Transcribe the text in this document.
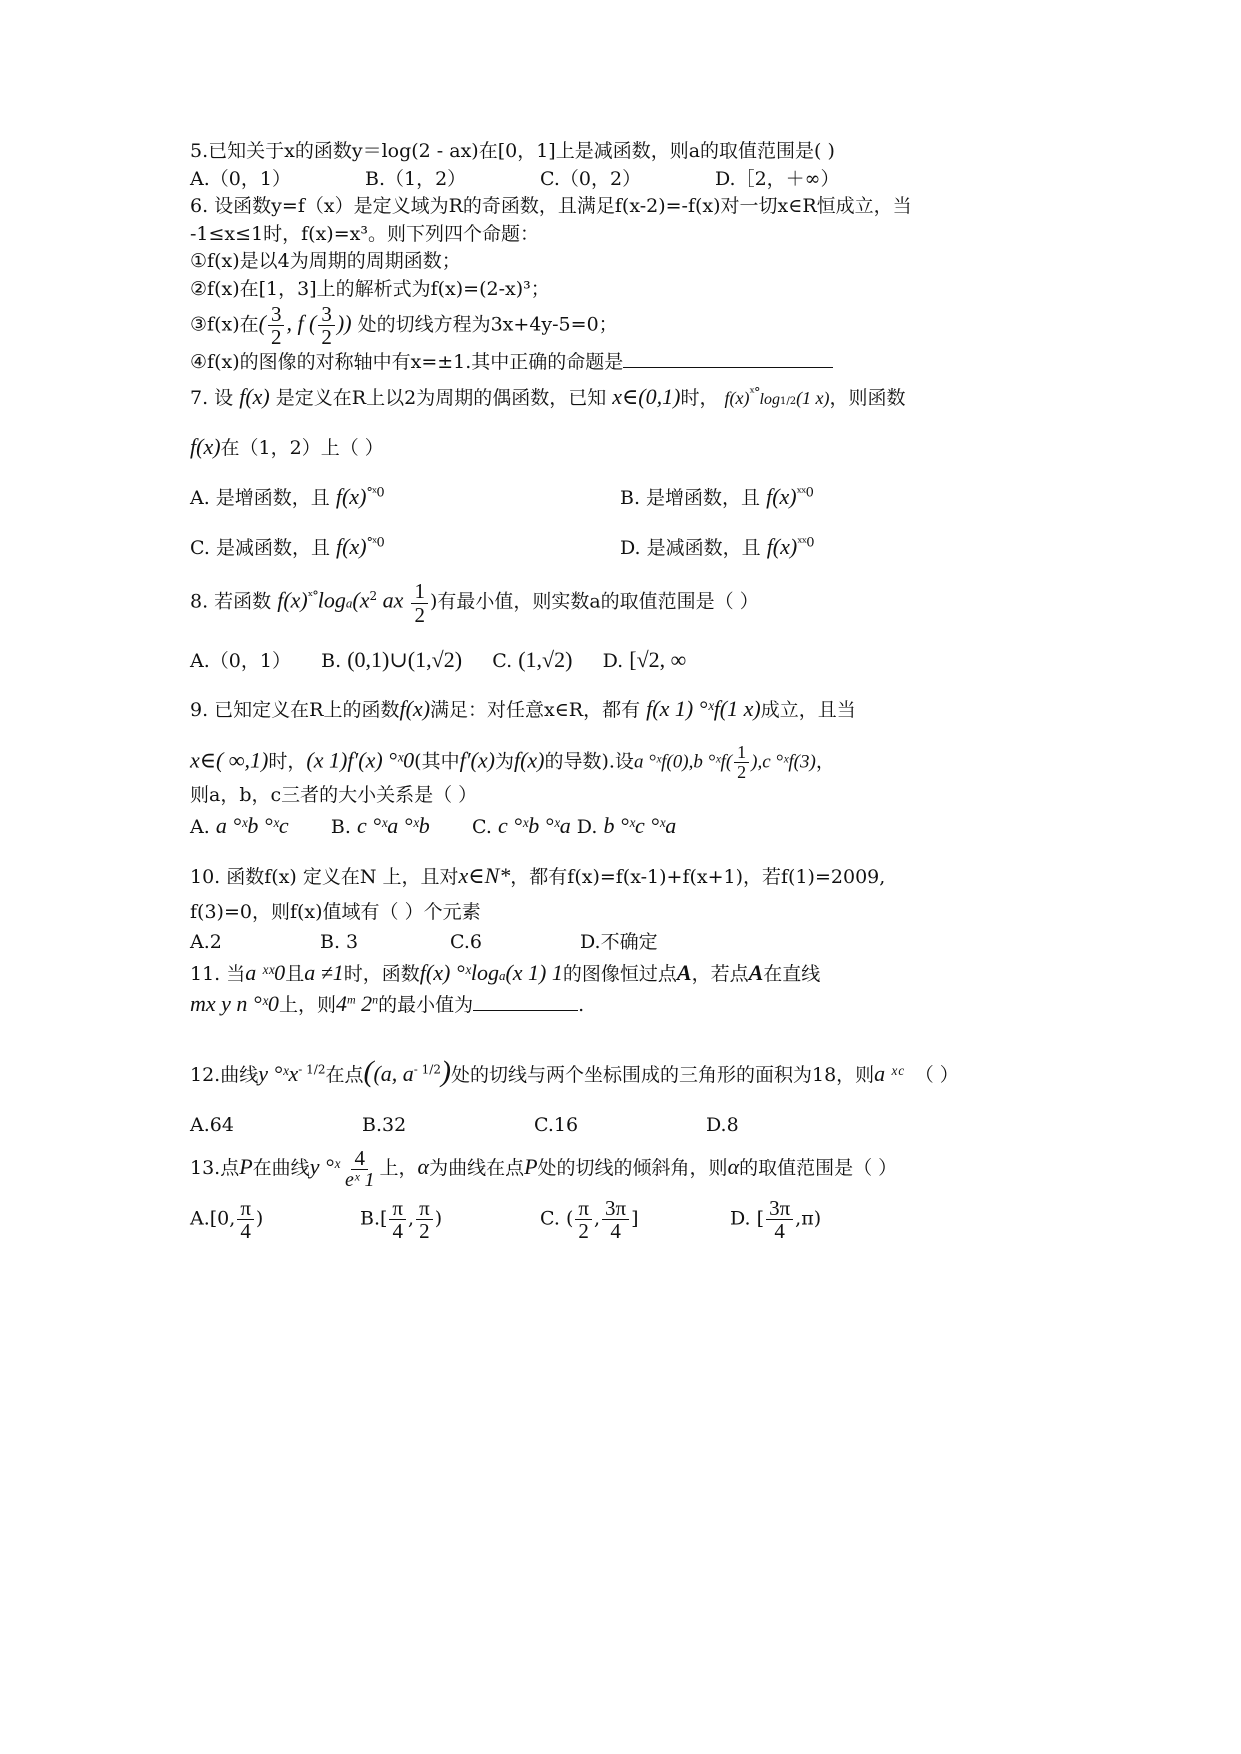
5.已知关于x的函数y＝log(2 - ax)在[0，1]上是减函数，则a的取值范围是( )
A.（0，1）	B.（1，2）	C.（0，2）	D.［2，＋∞）
6. 设函数y=f（x）是定义域为R的奇函数，且满足f(x-2)=-f(x)对一切x∈R恒成立，当
-1≤x≤1时，f(x)=x³。则下列四个命题：
①f(x)是以4为周期的周期函数；
②f(x)在[1，3]上的解析式为f(x)=(2-x)³；
③f(x)在( $\frac{3}{2}$ , f ( $\frac{3}{2}$ )) 处的切线方程为3x+4y-5=0；
④f(x)的图像的对称轴中有x=±1.其中正确的命题是
7. 设 f(x) 是定义在R上以2为周期的偶函数，已知 x∈(0,1)时， $f(x)^{ˣ^\circ}\log 1/2(1$ x)，则函数
f(x)在（1，2）上（ ）
A. 是增函数，且 $f(x)^{^\circ ˣ0}$	B. 是增函数，且 $f(x)^{ˣˣ0}$
C. 是减函数，且 $f(x)^{^\circ ˣ0}$	D. 是减函数，且 $f(x)^{ˣˣ0}$
8. 若函数 $f(x)^{ˣ^\circ}\log a(x^2$ ax $\frac{1}{2}$ )有最小值，则实数a的取值范围是（ ）
A.（0，1） B. (0,1)∪(1,√2) C. (1,√2) D. [√2, ∞
9. 已知定义在R上的函数f(x)满足：对任意x∈R，都有 f(x 1) °ˣf(1 x)成立，且当
x∈( ∞,1)时，(x 1)f′(x) °ˣ0(其中f′(x)为f(x)的导数).设a °ˣf(0),b °ˣf( $\frac{1}{2} ),c$ °ˣf(3)，
则a，b，c三者的大小关系是（ ）
A. a °ˣb °ˣc B. c °ˣa °ˣb C. c °ˣb °ˣa D. b °ˣc °ˣa
10. 函数f(x) 定义在N 上，且对x∈N*，都有f(x)=f(x-1)+f(x+1)，若f(1)=2009,
f(3)=0，则f(x)值域有（ ）个元素
A.2	B. 3	C.6	D.不确定
11. 当a ˣˣ0且a ≠1时，函数f(x) °ˣloga(x 1) 1的图像恒过点A，若点A在直线
mx y n °ˣ0上，则4$^m$ 2$^n$的最小值为	.
12.曲线y °ˣx$^{- 1/2}$在点((a, $a^{- 1/2}$)处的切线与两个坐标围成的三角形的面积为18，则a ˣᶜ （ ）
A.64	B.32	C.16	D.8
13.点P在曲线y °ˣ $\frac{4}{\text{eˣ 1}}$ 上，α为曲线在点P处的切线的倾斜角，则α的取值范围是（ ）
A.[0, $\frac{\pi}{4}$ )	$B.[ \frac{\pi}{4}$ , $\frac{\pi}{2}$ )	C. ( $\frac{\pi}{2}$ , $\frac{3\pi}{4}$ ]	D. [ $\frac{3\pi}{4} ,\pi$)
